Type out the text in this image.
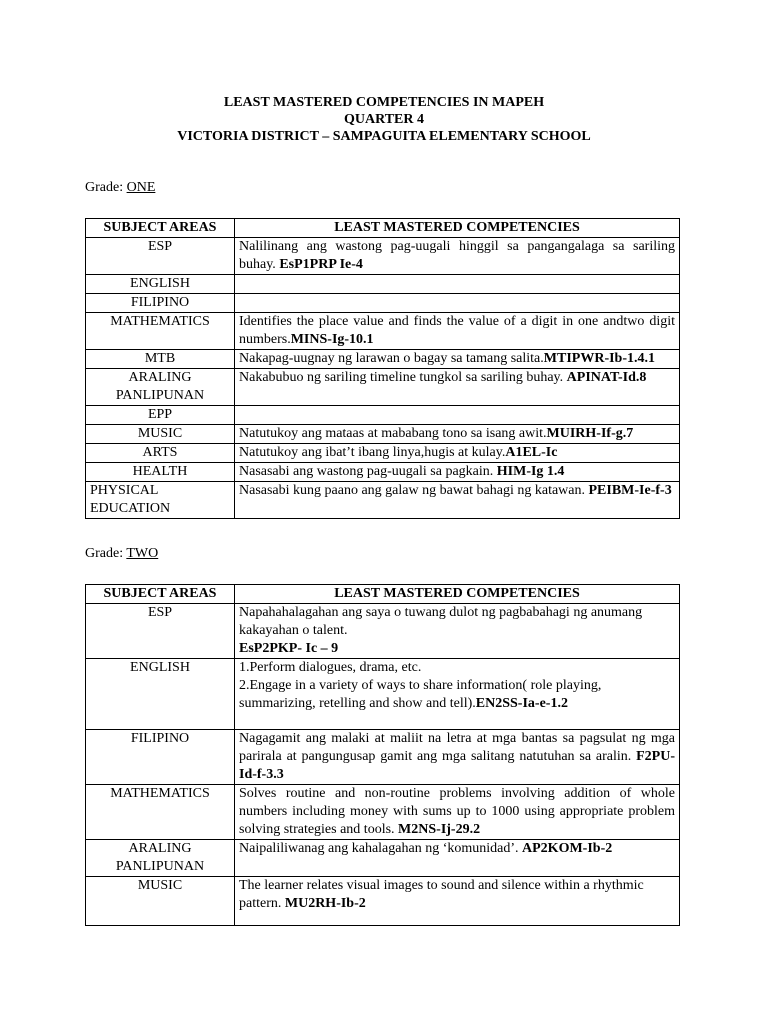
LEAST MASTERED COMPETENCIES IN MAPEH
QUARTER 4
VICTORIA DISTRICT – SAMPAGUITA ELEMENTARY SCHOOL
Grade: ONE
SUBJECT AREAS	LEAST MASTERED COMPETENCIES
ESP	Nalilinang ang wastong pag-uugali hinggil sa pangangalaga sa sariling buhay. EsP1PRP Ie-4
ENGLISH	
FILIPINO	
MATHEMATICS	Identifies the place value and finds the value of a digit in one andtwo digit numbers.MINS-Ig-10.1
MTB	Nakapag-uugnay ng larawan o bagay sa tamang salita.MTIPWR-Ib-1.4.1
ARALING PANLIPUNAN	Nakabubuo ng sariling timeline tungkol sa sariling buhay. APINAT-Id.8
EPP	
MUSIC	Natutukoy ang mataas at mababang tono sa isang awit.MUIRH-If-g.7
ARTS	Natutukoy ang ibat’t ibang linya,hugis at kulay.A1EL-Ic
HEALTH	Nasasabi ang wastong pag-uugali sa pagkain. HIM-Ig 1.4
PHYSICAL EDUCATION	Nasasabi kung paano ang galaw ng bawat bahagi ng katawan. PEIBM-Ie-f-3
Grade: TWO
SUBJECT AREAS	LEAST MASTERED COMPETENCIES
ESP	Napahahalagahan ang saya o tuwang dulot ng pagbabahagi ng anumang kakayahan o talent.
EsP2PKP- Ic – 9

ENGLISH	1.Perform dialogues, drama, etc.
2.Engage in a variety of ways to share information( role playing, summarizing, retelling and show and tell).EN2SS-Ia-e-1.2

FILIPINO	Nagagamit ang malaki at maliit na letra at mga bantas sa pagsulat ng mga parirala at pangungusap gamit ang mga salitang natutuhan sa aralin. F2PU-Id-f-3.3
MATHEMATICS	Solves routine and non-routine problems involving addition of whole numbers including money with sums up to 1000 using appropriate problem solving strategies and tools. M2NS-Ij-29.2
ARALING PANLIPUNAN	Naipaliliwanag ang kahalagahan ng ‘komunidad’. AP2KOM-Ib-2
MUSIC	The learner relates visual images to sound and silence within a rhythmic pattern. MU2RH-Ib-2
